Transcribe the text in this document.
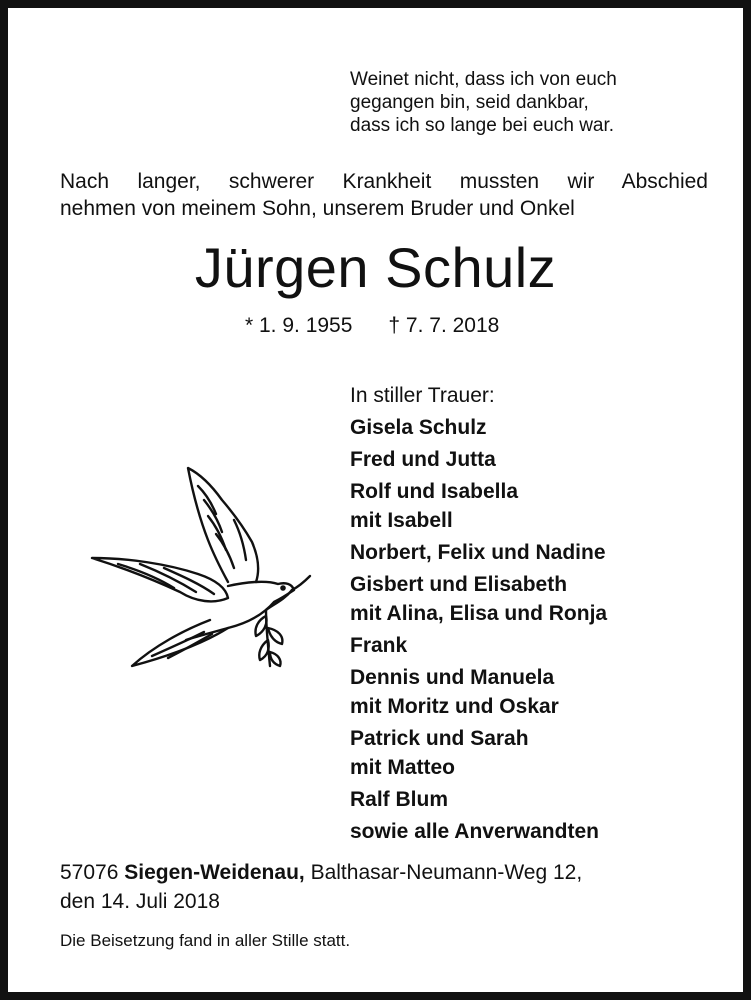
Weinet nicht, dass ich von euch
gegangen bin, seid dankbar,
dass ich so lange bei euch war.
Nach langer, schwerer Krankheit mussten wir Abschied
nehmen von meinem Sohn, unserem Bruder und Onkel
Jürgen Schulz
* 1. 9. 1955 † 7. 7. 2018
In stiller Trauer:
Gisela Schulz
Fred und Jutta
Rolf und Isabella
mit Isabell
Norbert, Felix und Nadine
Gisbert und Elisabeth
mit Alina, Elisa und Ronja
Frank
Dennis und Manuela
mit Moritz und Oskar
Patrick und Sarah
mit Matteo
Ralf Blum
sowie alle Anverwandten
57076 Siegen-Weidenau, Balthasar-Neumann-Weg 12,
den 14. Juli 2018
Die Beisetzung fand in aller Stille statt.
